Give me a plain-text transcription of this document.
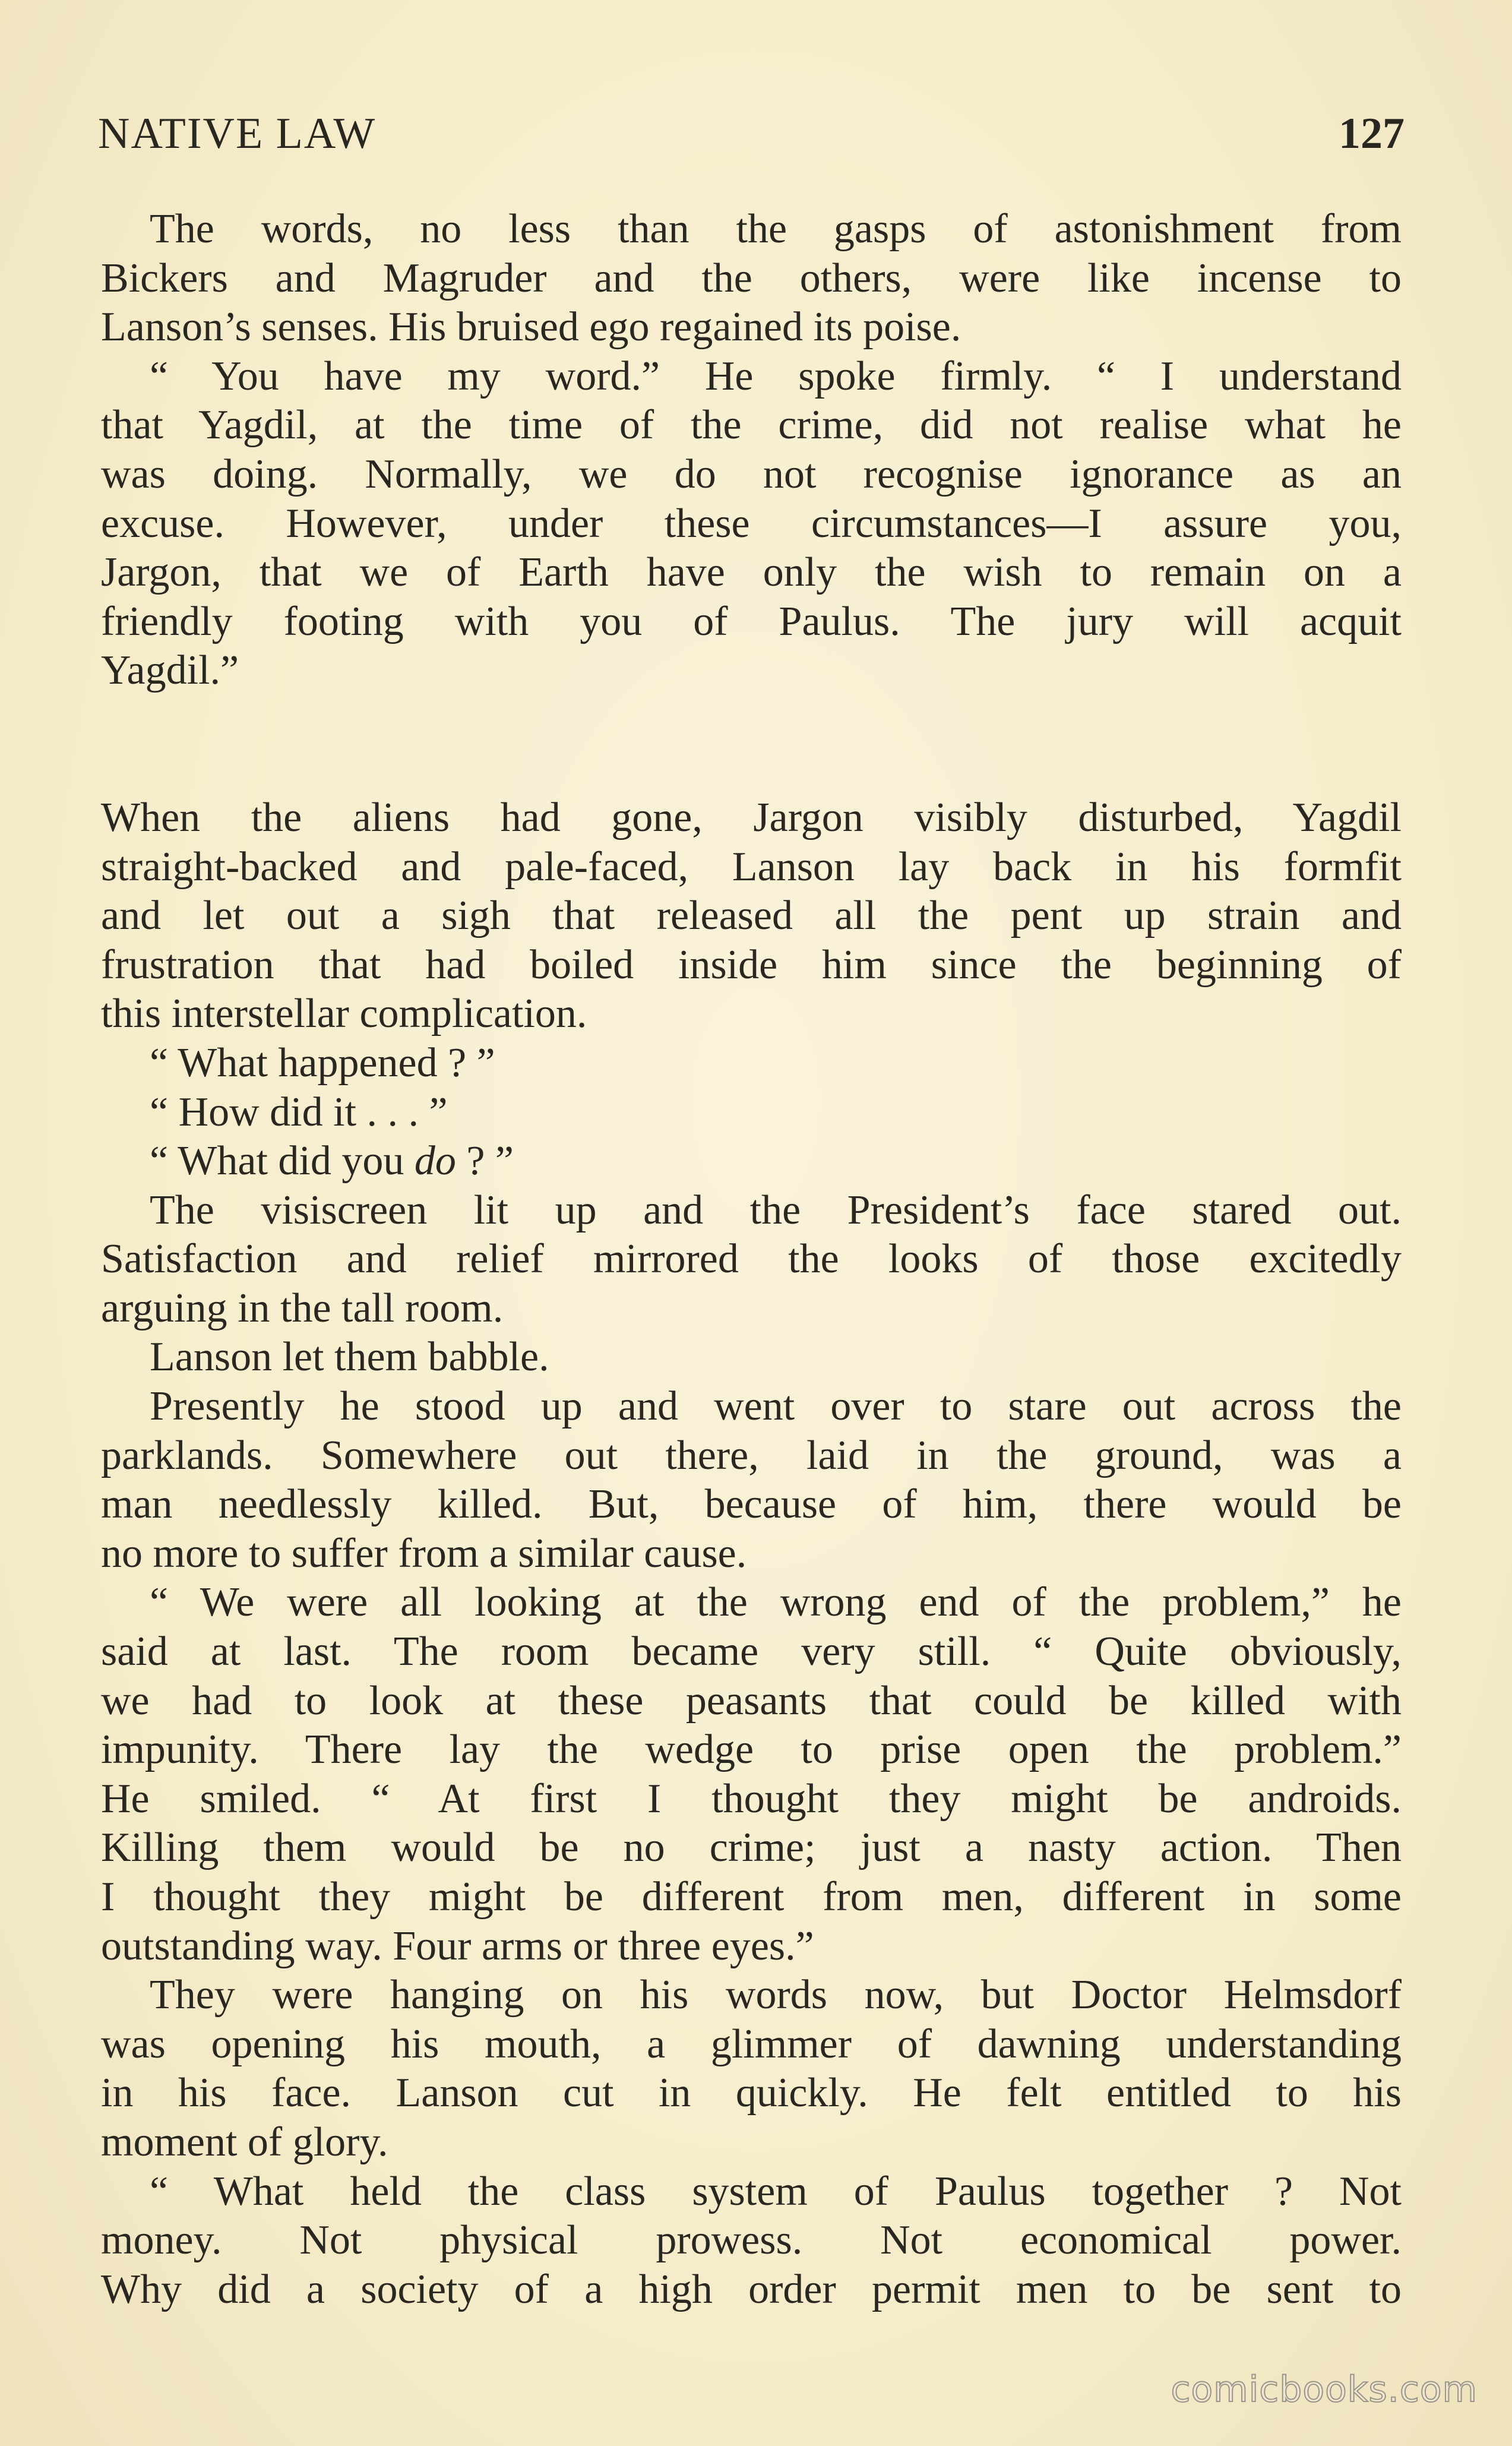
NATIVE LAW	127
The words, no less than the gasps of astonishment from
Bickers and Magruder and the others, were like incense to
Lanson’s senses. His bruised ego regained its poise.
“ You have my word.” He spoke firmly. “ I understand
that Yagdil, at the time of the crime, did not realise what he
was doing. Normally, we do not recognise ignorance as an
excuse. However, under these circumstances—I assure you,
Jargon, that we of Earth have only the wish to remain on a
friendly footing with you of Paulus. The jury will acquit
Yagdil.”
When the aliens had gone, Jargon visibly disturbed, Yagdil
straight-backed and pale-faced, Lanson lay back in his formfit
and let out a sigh that released all the pent up strain and
frustration that had boiled inside him since the beginning of
this interstellar complication.
“ What happened ? ”
“ How did it . . . ”
“ What did you do ? ”
The visiscreen lit up and the President’s face stared out.
Satisfaction and relief mirrored the looks of those excitedly
arguing in the tall room.
Lanson let them babble.
Presently he stood up and went over to stare out across the
parklands. Somewhere out there, laid in the ground, was a
man needlessly killed. But, because of him, there would be
no more to suffer from a similar cause.
“ We were all looking at the wrong end of the problem,” he
said at last. The room became very still. “ Quite obviously,
we had to look at these peasants that could be killed with
impunity. There lay the wedge to prise open the problem.”
He smiled. “ At first I thought they might be androids.
Killing them would be no crime; just a nasty action. Then
I thought they might be different from men, different in some
outstanding way. Four arms or three eyes.”
They were hanging on his words now, but Doctor Helmsdorf
was opening his mouth, a glimmer of dawning understanding
in his face. Lanson cut in quickly. He felt entitled to his
moment of glory.
“ What held the class system of Paulus together ? Not
money. Not physical prowess. Not economical power.
Why did a society of a high order permit men to be sent to
comicbooks.com
